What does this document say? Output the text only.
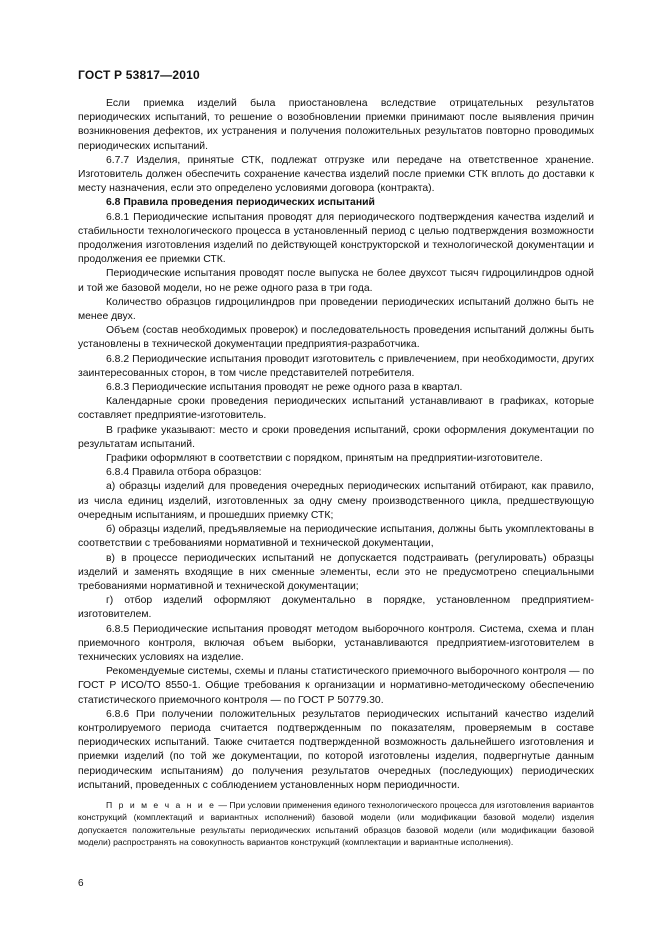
ГОСТ Р 53817—2010

Если приемка изделий была приостановлена вследствие отрицательных результатов периодических испытаний, то решение о возобновлении приемки принимают после выявления причин возникновения дефектов, их устранения и получения положительных результатов повторно проводимых периодических испытаний.

6.7.7 Изделия, принятые СТК, подлежат отгрузке или передаче на ответственное хранение. Изготовитель должен обеспечить сохранение качества изделий после приемки СТК вплоть до доставки к месту назначения, если это определено условиями договора (контракта).

6.8 Правила проведения периодических испытаний

6.8.1 Периодические испытания проводят для периодического подтверждения качества изделий и стабильности технологического процесса в установленный период с целью подтверждения возможности продолжения изготовления изделий по действующей конструкторской и технологической документации и продолжения ее приемки СТК.

Периодические испытания проводят после выпуска не более двухсот тысяч гидроцилиндров одной и той же базовой модели, но не реже одного раза в три года.

Количество образцов гидроцилиндров при проведении периодических испытаний должно быть не менее двух.

Объем (состав необходимых проверок) и последовательность проведения испытаний должны быть установлены в технической документации предприятия-разработчика.

6.8.2 Периодические испытания проводит изготовитель с привлечением, при необходимости, других заинтересованных сторон, в том числе представителей потребителя.

6.8.3 Периодические испытания проводят не реже одного раза в квартал.

Календарные сроки проведения периодических испытаний устанавливают в графиках, которые составляет предприятие-изготовитель.

В графике указывают: место и сроки проведения испытаний, сроки оформления документации по результатам испытаний.

Графики оформляют в соответствии с порядком, принятым на предприятии-изготовителе.

6.8.4 Правила отбора образцов:

а) образцы изделий для проведения очередных периодических испытаний отбирают, как правило, из числа единиц изделий, изготовленных за одну смену производственного цикла, предшествующую очередным испытаниям, и прошедших приемку СТК;

б) образцы изделий, предъявляемые на периодические испытания, должны быть укомплектованы в соответствии с требованиями нормативной и технической документации,

в) в процессе периодических испытаний не допускается подстраивать (регулировать) образцы изделий и заменять входящие в них сменные элементы, если это не предусмотрено специальными требованиями нормативной и технической документации;

г) отбор изделий оформляют документально в порядке, установленном предприятием-изготовителем.

6.8.5 Периодические испытания проводят методом выборочного контроля. Система, схема и план приемочного контроля, включая объем выборки, устанавливаются предприятием-изготовителем в технических условиях на изделие.

Рекомендуемые системы, схемы и планы статистического приемочного выборочного контроля — по ГОСТ Р ИСО/ТО 8550-1. Общие требования к организации и нормативно-методическому обеспечению статистического приемочного контроля — по ГОСТ Р 50779.30.

6.8.6 При получении положительных результатов периодических испытаний качество изделий контролируемого периода считается подтвержденным по показателям, проверяемым в составе периодических испытаний. Также считается подтвержденной возможность дальнейшего изготовления и приемки изделий (по той же документации, по которой изготовлены изделия, подвергнутые данным периодическим испытаниям) до получения результатов очередных (последующих) периодических испытаний, проведенных с соблюдением установленных норм периодичности.

П р и м е ч а н и е — При условии применения единого технологического процесса для изготовления вариантов конструкций (комплектаций и вариантных исполнений) базовой модели (или модификации базовой модели) изделия допускается положительные результаты периодических испытаний образцов базовой модели (или модификации базовой модели) распространять на совокупность вариантов конструкций (комплектации и вариантные исполнения).

6
